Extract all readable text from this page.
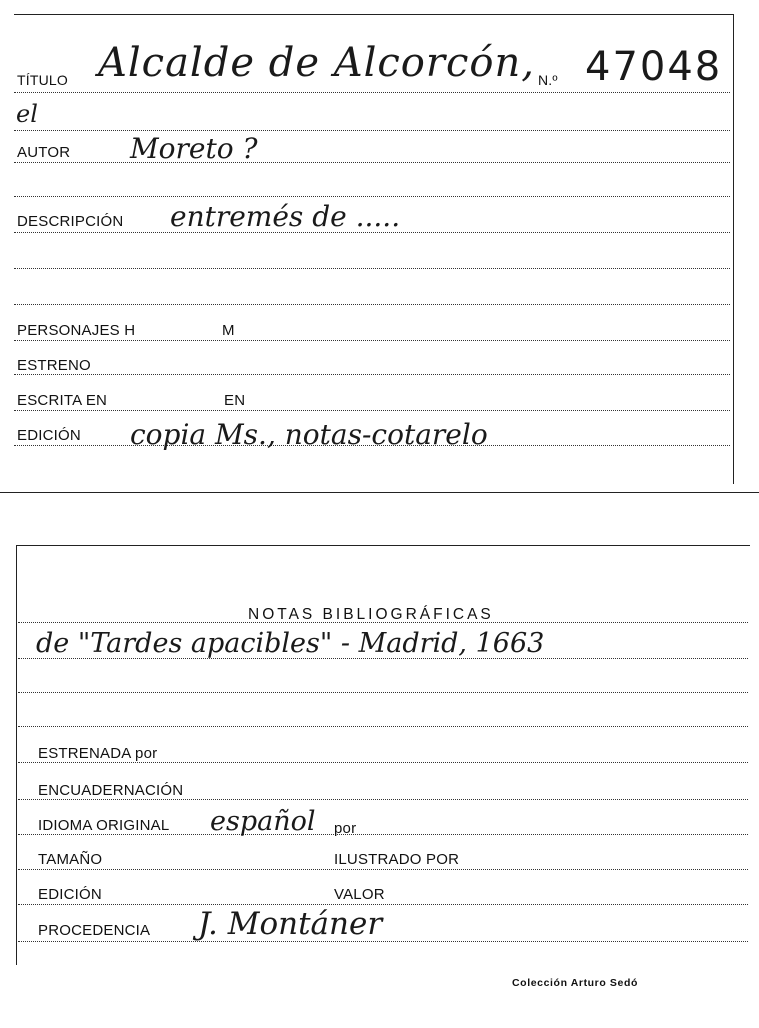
TÍTULO Alcalde de Alcorcón, N.º 47048
el
AUTOR Moreto ?
DESCRIPCIÓN entremés de .....
PERSONAJES H	M
ESTRENO
ESCRITA EN	EN
EDICIÓN copia Ms., notas-cotarelo
NOTAS BIBLIOGRÁFICAS
de "Tardes apacibles" - Madrid, 1663
ESTRENADA por
ENCUADERNACIÓN
IDIOMA ORIGINAL español por
TAMAÑO	ILUSTRADO POR
EDICIÓN	VALOR
PROCEDENCIA J. Montáner
Colección Arturo Sedó
